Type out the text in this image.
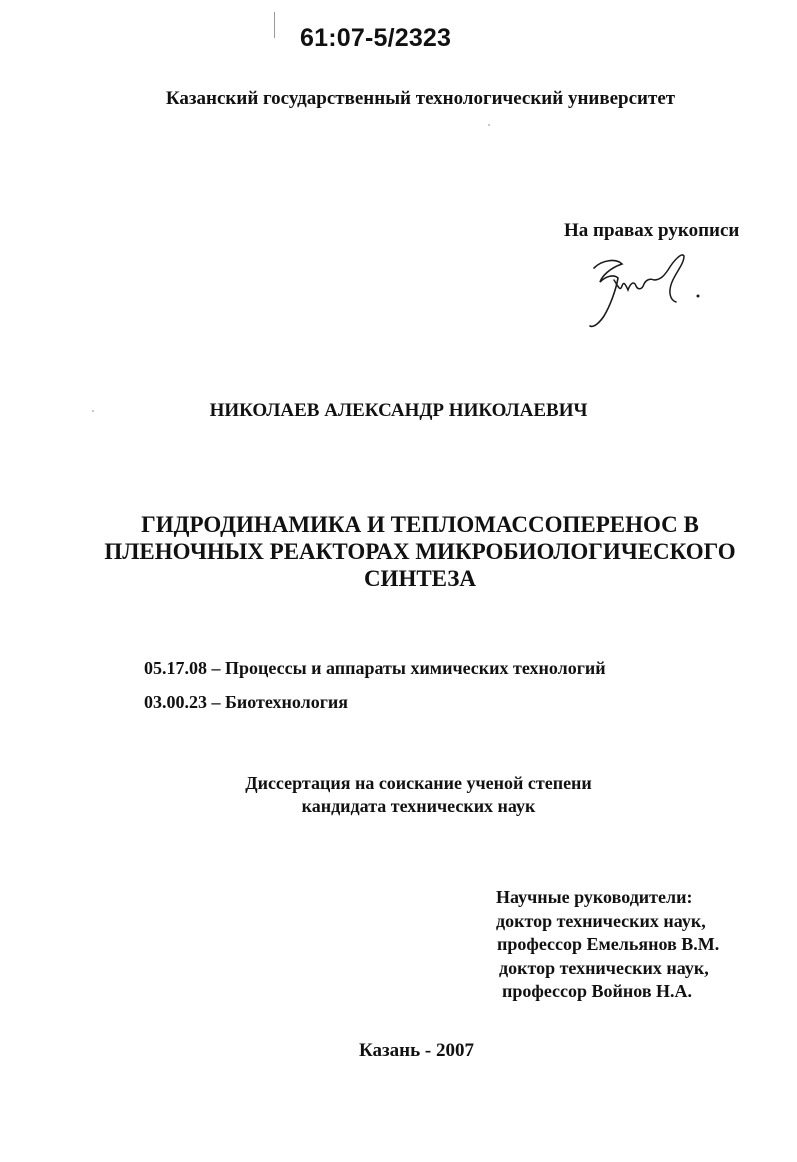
61:07-5/2323
Казанский государственный технологический университет
На правах рукописи
НИКОЛАЕВ АЛЕКСАНДР НИКОЛАЕВИЧ
ГИДРОДИНАМИКА И ТЕПЛОМАССОПЕРЕНОС В
ПЛЕНОЧНЫХ РЕАКТОРАХ МИКРОБИОЛОГИЧЕСКОГО
СИНТЕЗА
05.17.08 – Процессы и аппараты химических технологий
03.00.23 – Биотехнология
Диссертация на соискание ученой степени
кандидата технических наук
Научные руководители:
доктор технических наук,
профессор Емельянов В.М.
доктор технических наук,
профессор Войнов Н.А.
Казань - 2007
